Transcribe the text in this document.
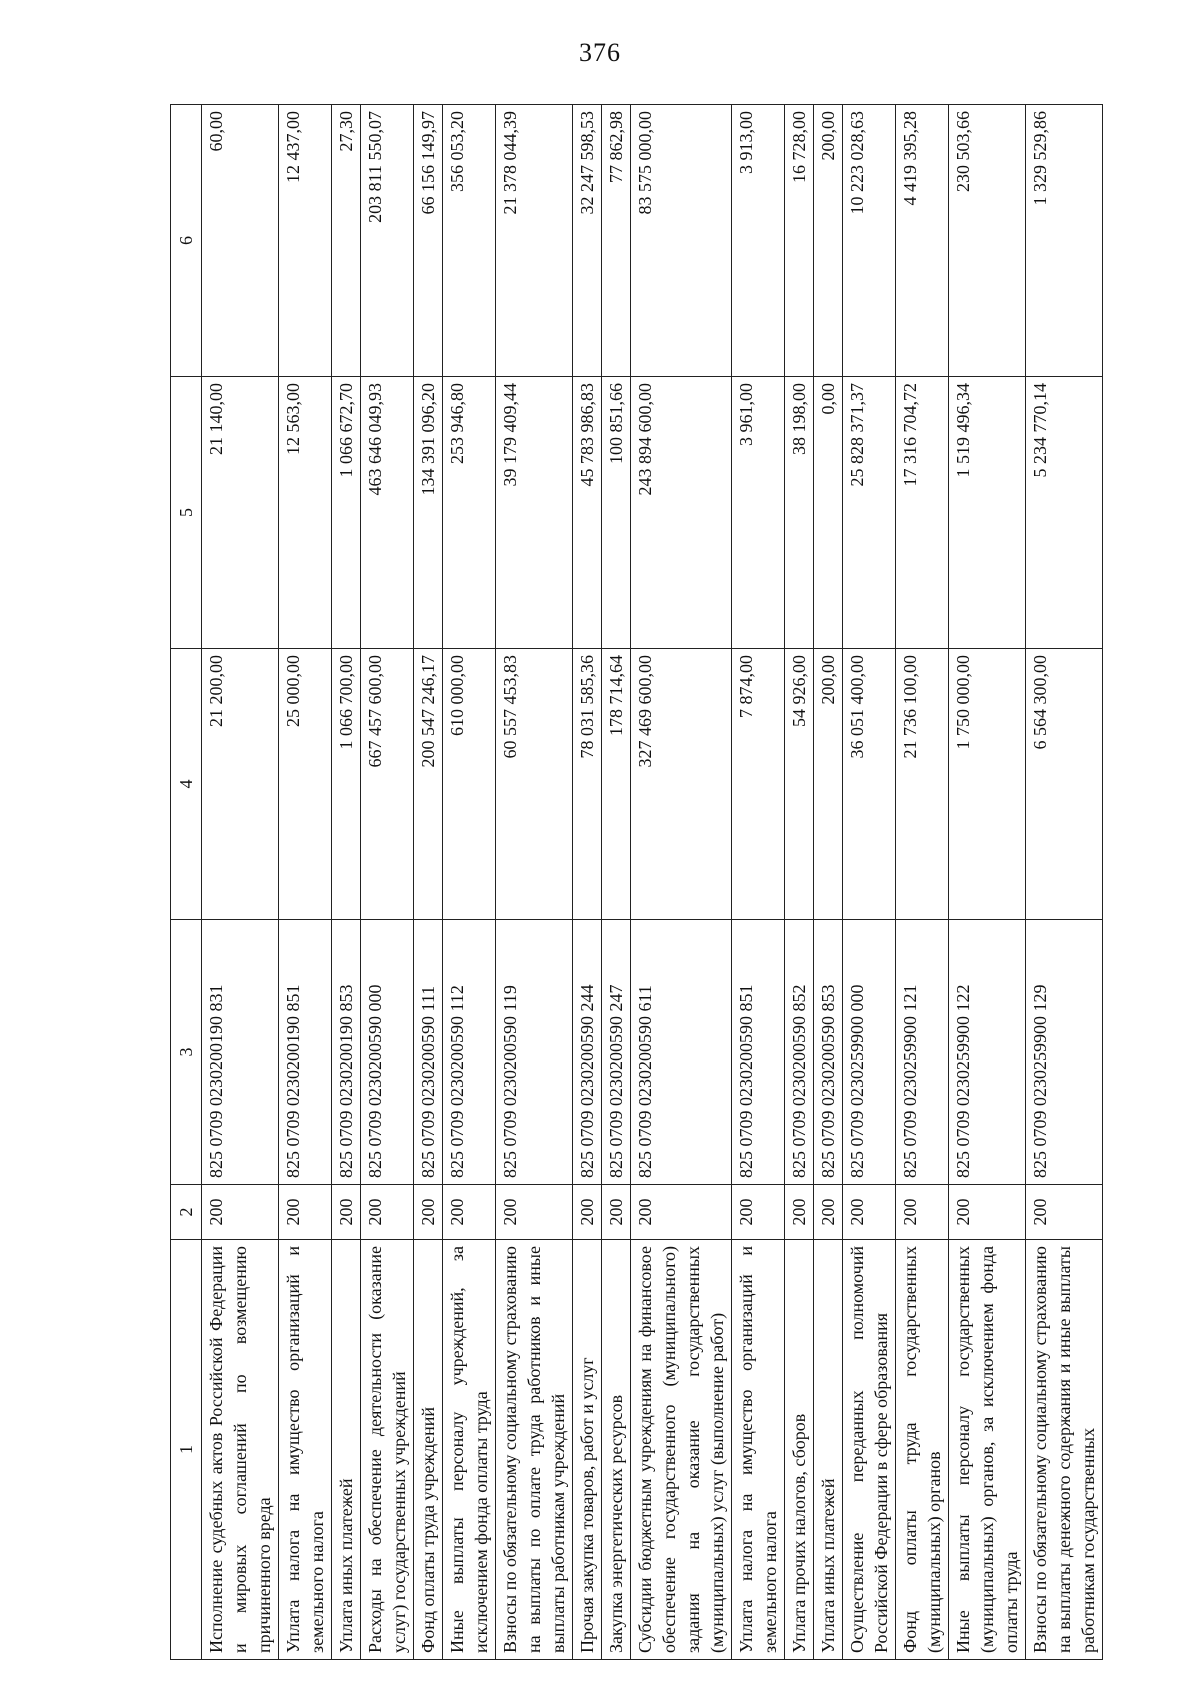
376
1	2	3	4	5	6
Исполнение судебных актов Российской Федерации и мировых соглашений по возмещению причиненного вреда	200	825 0709 0230200190 831	21 200,00	21 140,00	60,00
Уплата налога на имущество организаций и земельного налога	200	825 0709 0230200190 851	25 000,00	12 563,00	12 437,00
Уплата иных платежей	200	825 0709 0230200190 853	1 066 700,00	1 066 672,70	27,30
Расходы на обеспечение деятельности (оказание услуг) государственных учреждений	200	825 0709 0230200590 000	667 457 600,00	463 646 049,93	203 811 550,07
Фонд оплаты труда учреждений	200	825 0709 0230200590 111	200 547 246,17	134 391 096,20	66 156 149,97
Иные выплаты персоналу учреждений, за исключением фонда оплаты труда	200	825 0709 0230200590 112	610 000,00	253 946,80	356 053,20
Взносы по обязательному социальному страхованию на выплаты по оплате труда работников и иные выплаты работникам учреждений	200	825 0709 0230200590 119	60 557 453,83	39 179 409,44	21 378 044,39
Прочая закупка товаров, работ и услуг	200	825 0709 0230200590 244	78 031 585,36	45 783 986,83	32 247 598,53
Закупка энергетических ресурсов	200	825 0709 0230200590 247	178 714,64	100 851,66	77 862,98
Субсидии бюджетным учреждениям на финансовое обеспечение государственного (муниципального) задания на оказание государственных (муниципальных) услуг (выполнение работ)	200	825 0709 0230200590 611	327 469 600,00	243 894 600,00	83 575 000,00
Уплата налога на имущество организаций и земельного налога	200	825 0709 0230200590 851	7 874,00	3 961,00	3 913,00
Уплата прочих налогов, сборов	200	825 0709 0230200590 852	54 926,00	38 198,00	16 728,00
Уплата иных платежей	200	825 0709 0230200590 853	200,00	0,00	200,00
Осуществление переданных полномочий Российской Федерации в сфере образования	200	825 0709 0230259900 000	36 051 400,00	25 828 371,37	10 223 028,63
Фонд оплаты труда государственных (муниципальных) органов	200	825 0709 0230259900 121	21 736 100,00	17 316 704,72	4 419 395,28
Иные выплаты персоналу государственных (муниципальных) органов, за исключением фонда оплаты труда	200	825 0709 0230259900 122	1 750 000,00	1 519 496,34	230 503,66
Взносы по обязательному социальному страхованию на выплаты денежного содержания и иные выплаты работникам государственных	200	825 0709 0230259900 129	6 564 300,00	5 234 770,14	1 329 529,86
